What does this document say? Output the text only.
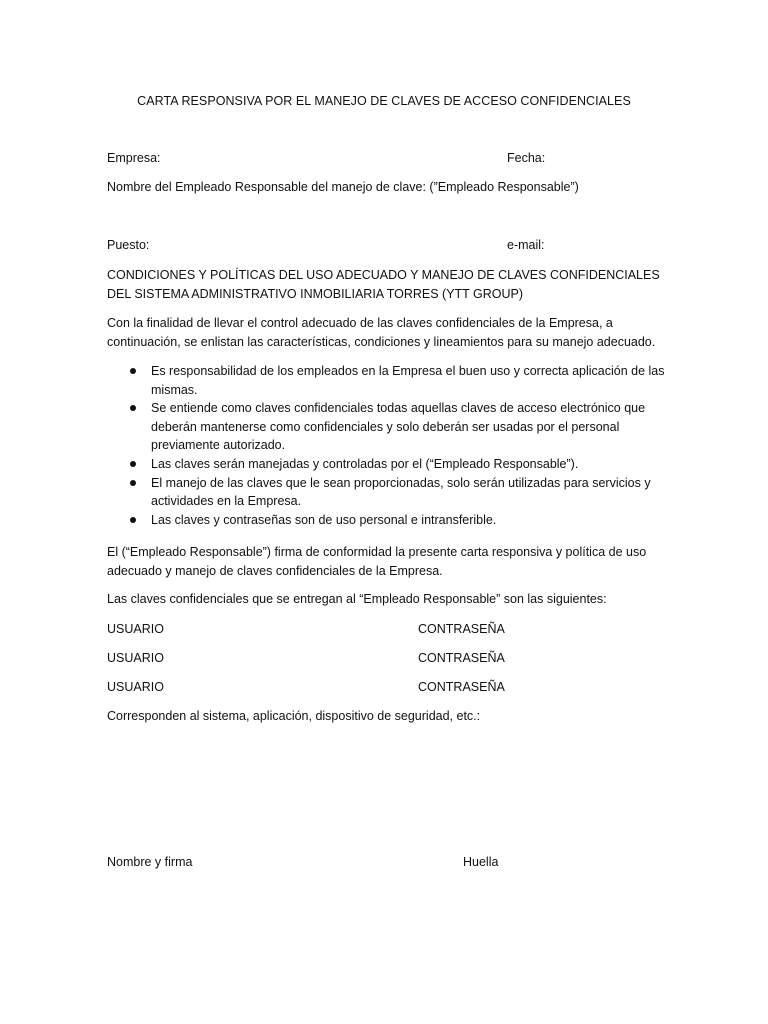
CARTA RESPONSIVA POR EL MANEJO DE CLAVES DE ACCESO CONFIDENCIALES
Empresa:	Fecha:
Nombre del Empleado Responsable del manejo de clave: (”Empleado Responsable”)
Puesto:	e-mail:
CONDICIONES Y POLÍTICAS DEL USO ADECUADO Y MANEJO DE CLAVES CONFIDENCIALES DEL SISTEMA ADMINISTRATIVO INMOBILIARIA TORRES (YTT GROUP)
Con la finalidad de llevar el control adecuado de las claves confidenciales de la Empresa, a continuación, se enlistan las características, condiciones y lineamientos para su manejo adecuado.
Es responsabilidad de los empleados en la Empresa el buen uso y correcta aplicación de las mismas.
Se entiende como claves confidenciales todas aquellas claves de acceso electrónico que deberán mantenerse como confidenciales y solo deberán ser usadas por el personal previamente autorizado.
Las claves serán manejadas y controladas por el (“Empleado Responsable”).
El manejo de las claves que le sean proporcionadas, solo serán utilizadas para servicios y actividades en la Empresa.
Las claves y contraseñas son de uso personal e intransferible.
El (“Empleado Responsable”) firma de conformidad la presente carta responsiva y política de uso adecuado y manejo de claves confidenciales de la Empresa.
Las claves confidenciales que se entregan al “Empleado Responsable” son las siguientes:
USUARIO	CONTRASEÑA
USUARIO	CONTRASEÑA
USUARIO	CONTRASEÑA
Corresponden al sistema, aplicación, dispositivo de seguridad, etc.:
Nombre y firma	Huella
